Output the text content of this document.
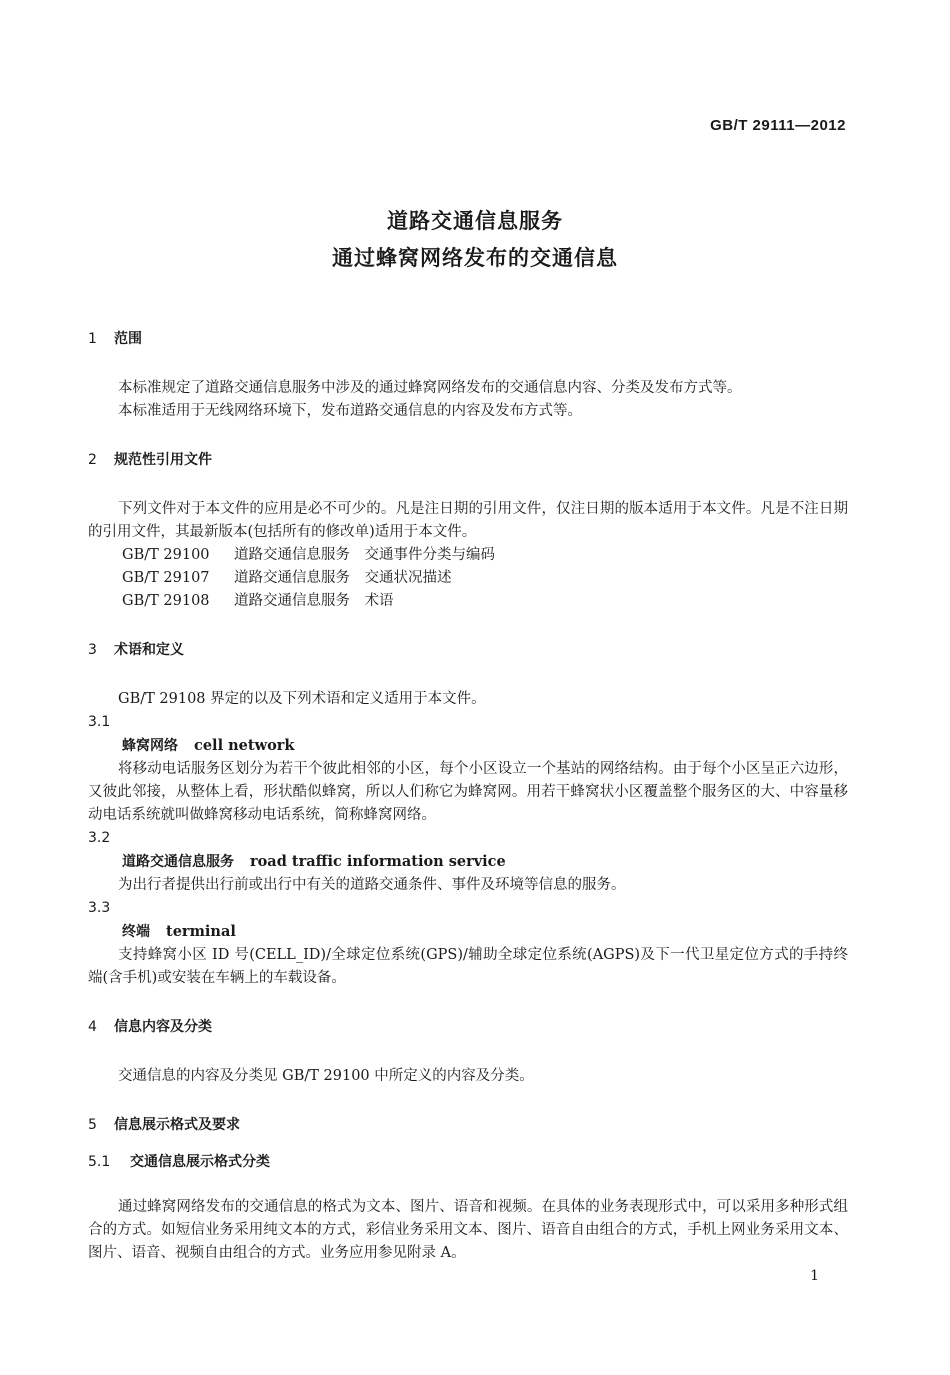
GB/T 29111—2012
道路交通信息服务
通过蜂窝网络发布的交通信息

1 范围

本标准规定了道路交通信息服务中涉及的通过蜂窝网络发布的交通信息内容、分类及发布方式等。

本标准适用于无线网络环境下，发布道路交通信息的内容及发布方式等。

2 规范性引用文件

下列文件对于本文件的应用是必不可少的。凡是注日期的引用文件，仅注日期的版本适用于本文件。凡是不注日期的引用文件，其最新版本(包括所有的修改单)适用于本文件。

GB/T 29100 道路交通信息服务　交通事件分类与编码

GB/T 29107 道路交通信息服务　交通状况描述

GB/T 29108 道路交通信息服务　术语

3 术语和定义

GB/T 29108 界定的以及下列术语和定义适用于本文件。

3.1

蜂窝网络 cell network

将移动电话服务区划分为若干个彼此相邻的小区，每个小区设立一个基站的网络结构。由于每个小区呈正六边形，又彼此邻接，从整体上看，形状酷似蜂窝，所以人们称它为蜂窝网。用若干蜂窝状小区覆盖整个服务区的大、中容量移动电话系统就叫做蜂窝移动电话系统，简称蜂窝网络。

3.2

道路交通信息服务 road traffic information service

为出行者提供出行前或出行中有关的道路交通条件、事件及环境等信息的服务。

3.3

终端 terminal

支持蜂窝小区 ID 号(CELL_ID)/全球定位系统(GPS)/辅助全球定位系统(AGPS)及下一代卫星定位方式的手持终端(含手机)或安装在车辆上的车载设备。

4 信息内容及分类

交通信息的内容及分类见 GB/T 29100 中所定义的内容及分类。

5 信息展示格式及要求

5.1 交通信息展示格式分类

通过蜂窝网络发布的交通信息的格式为文本、图片、语音和视频。在具体的业务表现形式中，可以采用多种形式组合的方式。如短信业务采用纯文本的方式，彩信业务采用文本、图片、语音自由组合的方式，手机上网业务采用文本、图片、语音、视频自由组合的方式。业务应用参见附录 A。

1
